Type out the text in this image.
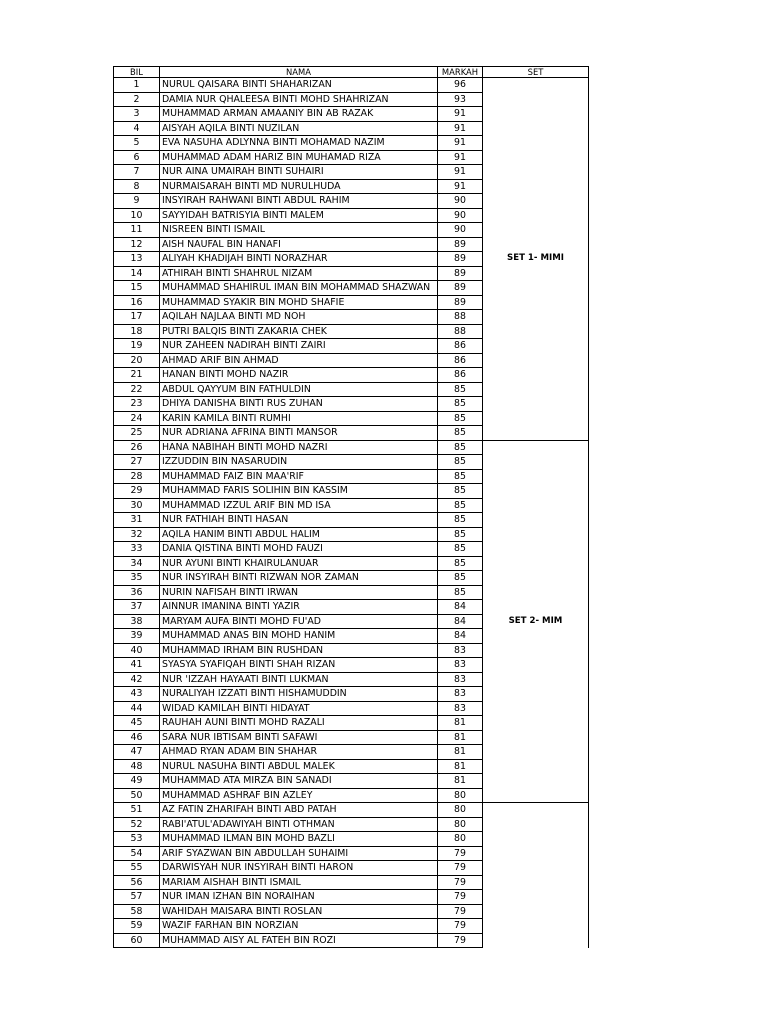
BIL	NAMA	MARKAH	SET
1	NURUL QAISARA BINTI SHAHARIZAN	96	SET 1- MIMI
2	DAMIA NUR QHALEESA BINTI MOHD SHAHRIZAN	93	
3	MUHAMMAD ARMAN AMAANIY BIN AB RAZAK	91	
4	AISYAH AQILA BINTI NUZILAN	91	
5	EVA NASUHA ADLYNNA BINTI MOHAMAD NAZIM	91	
6	MUHAMMAD ADAM HARIZ BIN MUHAMAD RIZA	91	
7	NUR AINA UMAIRAH BINTI SUHAIRI	91	
8	NURMAISARAH BINTI MD NURULHUDA	91	
9	INSYIRAH RAHWANI BINTI ABDUL RAHIM	90	
10	SAYYIDAH BATRISYIA BINTI MALEM	90	
11	NISREEN BINTI ISMAIL	90	
12	AISH NAUFAL BIN HANAFI	89	
13	ALIYAH KHADIJAH BINTI NORAZHAR	89	
14	ATHIRAH BINTI SHAHRUL NIZAM	89	
15	MUHAMMAD SHAHIRUL IMAN BIN MOHAMMAD SHAZWAN	89	
16	MUHAMMAD SYAKIR BIN MOHD SHAFIE	89	
17	AQILAH NAJLAA BINTI MD NOH	88	
18	PUTRI BALQIS BINTI ZAKARIA CHEK	88	
19	NUR ZAHEEN NADIRAH BINTI ZAIRI	86	
20	AHMAD ARIF BIN AHMAD	86	
21	HANAN BINTI MOHD NAZIR	86	
22	ABDUL QAYYUM BIN FATHULDIN	85	
23	DHIYA DANISHA BINTI RUS ZUHAN	85	
24	KARIN KAMILA BINTI RUMHI	85	
25	NUR ADRIANA AFRINA BINTI MANSOR	85	
26	HANA NABIHAH BINTI MOHD NAZRI	85	SET 2- MIM
27	IZZUDDIN BIN NASARUDIN	85	
28	MUHAMMAD FAIZ BIN MAA'RIF	85	
29	MUHAMMAD FARIS SOLIHIN BIN KASSIM	85	
30	MUHAMMAD IZZUL ARIF BIN MD ISA	85	
31	NUR FATHIAH BINTI HASAN	85	
32	AQILA HANIM BINTI ABDUL HALIM	85	
33	DANIA QISTINA BINTI MOHD FAUZI	85	
34	NUR AYUNI BINTI KHAIRULANUAR	85	
35	NUR INSYIRAH BINTI RIZWAN NOR ZAMAN	85	
36	NURIN NAFISAH BINTI IRWAN	85	
37	AINNUR IMANINA BINTI YAZIR	84	
38	MARYAM AUFA BINTI MOHD FU'AD	84	
39	MUHAMMAD ANAS BIN MOHD HANIM	84	
40	MUHAMMAD IRHAM BIN RUSHDAN	83	
41	SYASYA SYAFIQAH BINTI SHAH RIZAN	83	
42	NUR 'IZZAH HAYAATI BINTI LUKMAN	83	
43	NURALIYAH IZZATI BINTI HISHAMUDDIN	83	
44	WIDAD KAMILAH BINTI HIDAYAT	83	
45	RAUHAH AUNI BINTI MOHD RAZALI	81	
46	SARA NUR IBTISAM BINTI SAFAWI	81	
47	AHMAD RYAN ADAM BIN SHAHAR	81	
48	NURUL NASUHA BINTI ABDUL MALEK	81	
49	MUHAMMAD ATA MIRZA BIN SANADI	81	
50	MUHAMMAD ASHRAF BIN AZLEY	80	
51	AZ FATIN ZHARIFAH BINTI ABD PATAH	80	
52	RABI'ATUL'ADAWIYAH BINTI OTHMAN	80	
53	MUHAMMAD ILMAN BIN MOHD BAZLI	80	
54	ARIF SYAZWAN BIN ABDULLAH SUHAIMI	79	
55	DARWISYAH NUR INSYIRAH BINTI HARON	79	
56	MARIAM AISHAH BINTI ISMAIL	79	
57	NUR IMAN IZHAN BIN NORAIHAN	79	
58	WAHIDAH MAISARA BINTI ROSLAN	79	
59	WAZIF FARHAN BIN NORZIAN	79	
60	MUHAMMAD AISY AL FATEH BIN ROZI	79	
